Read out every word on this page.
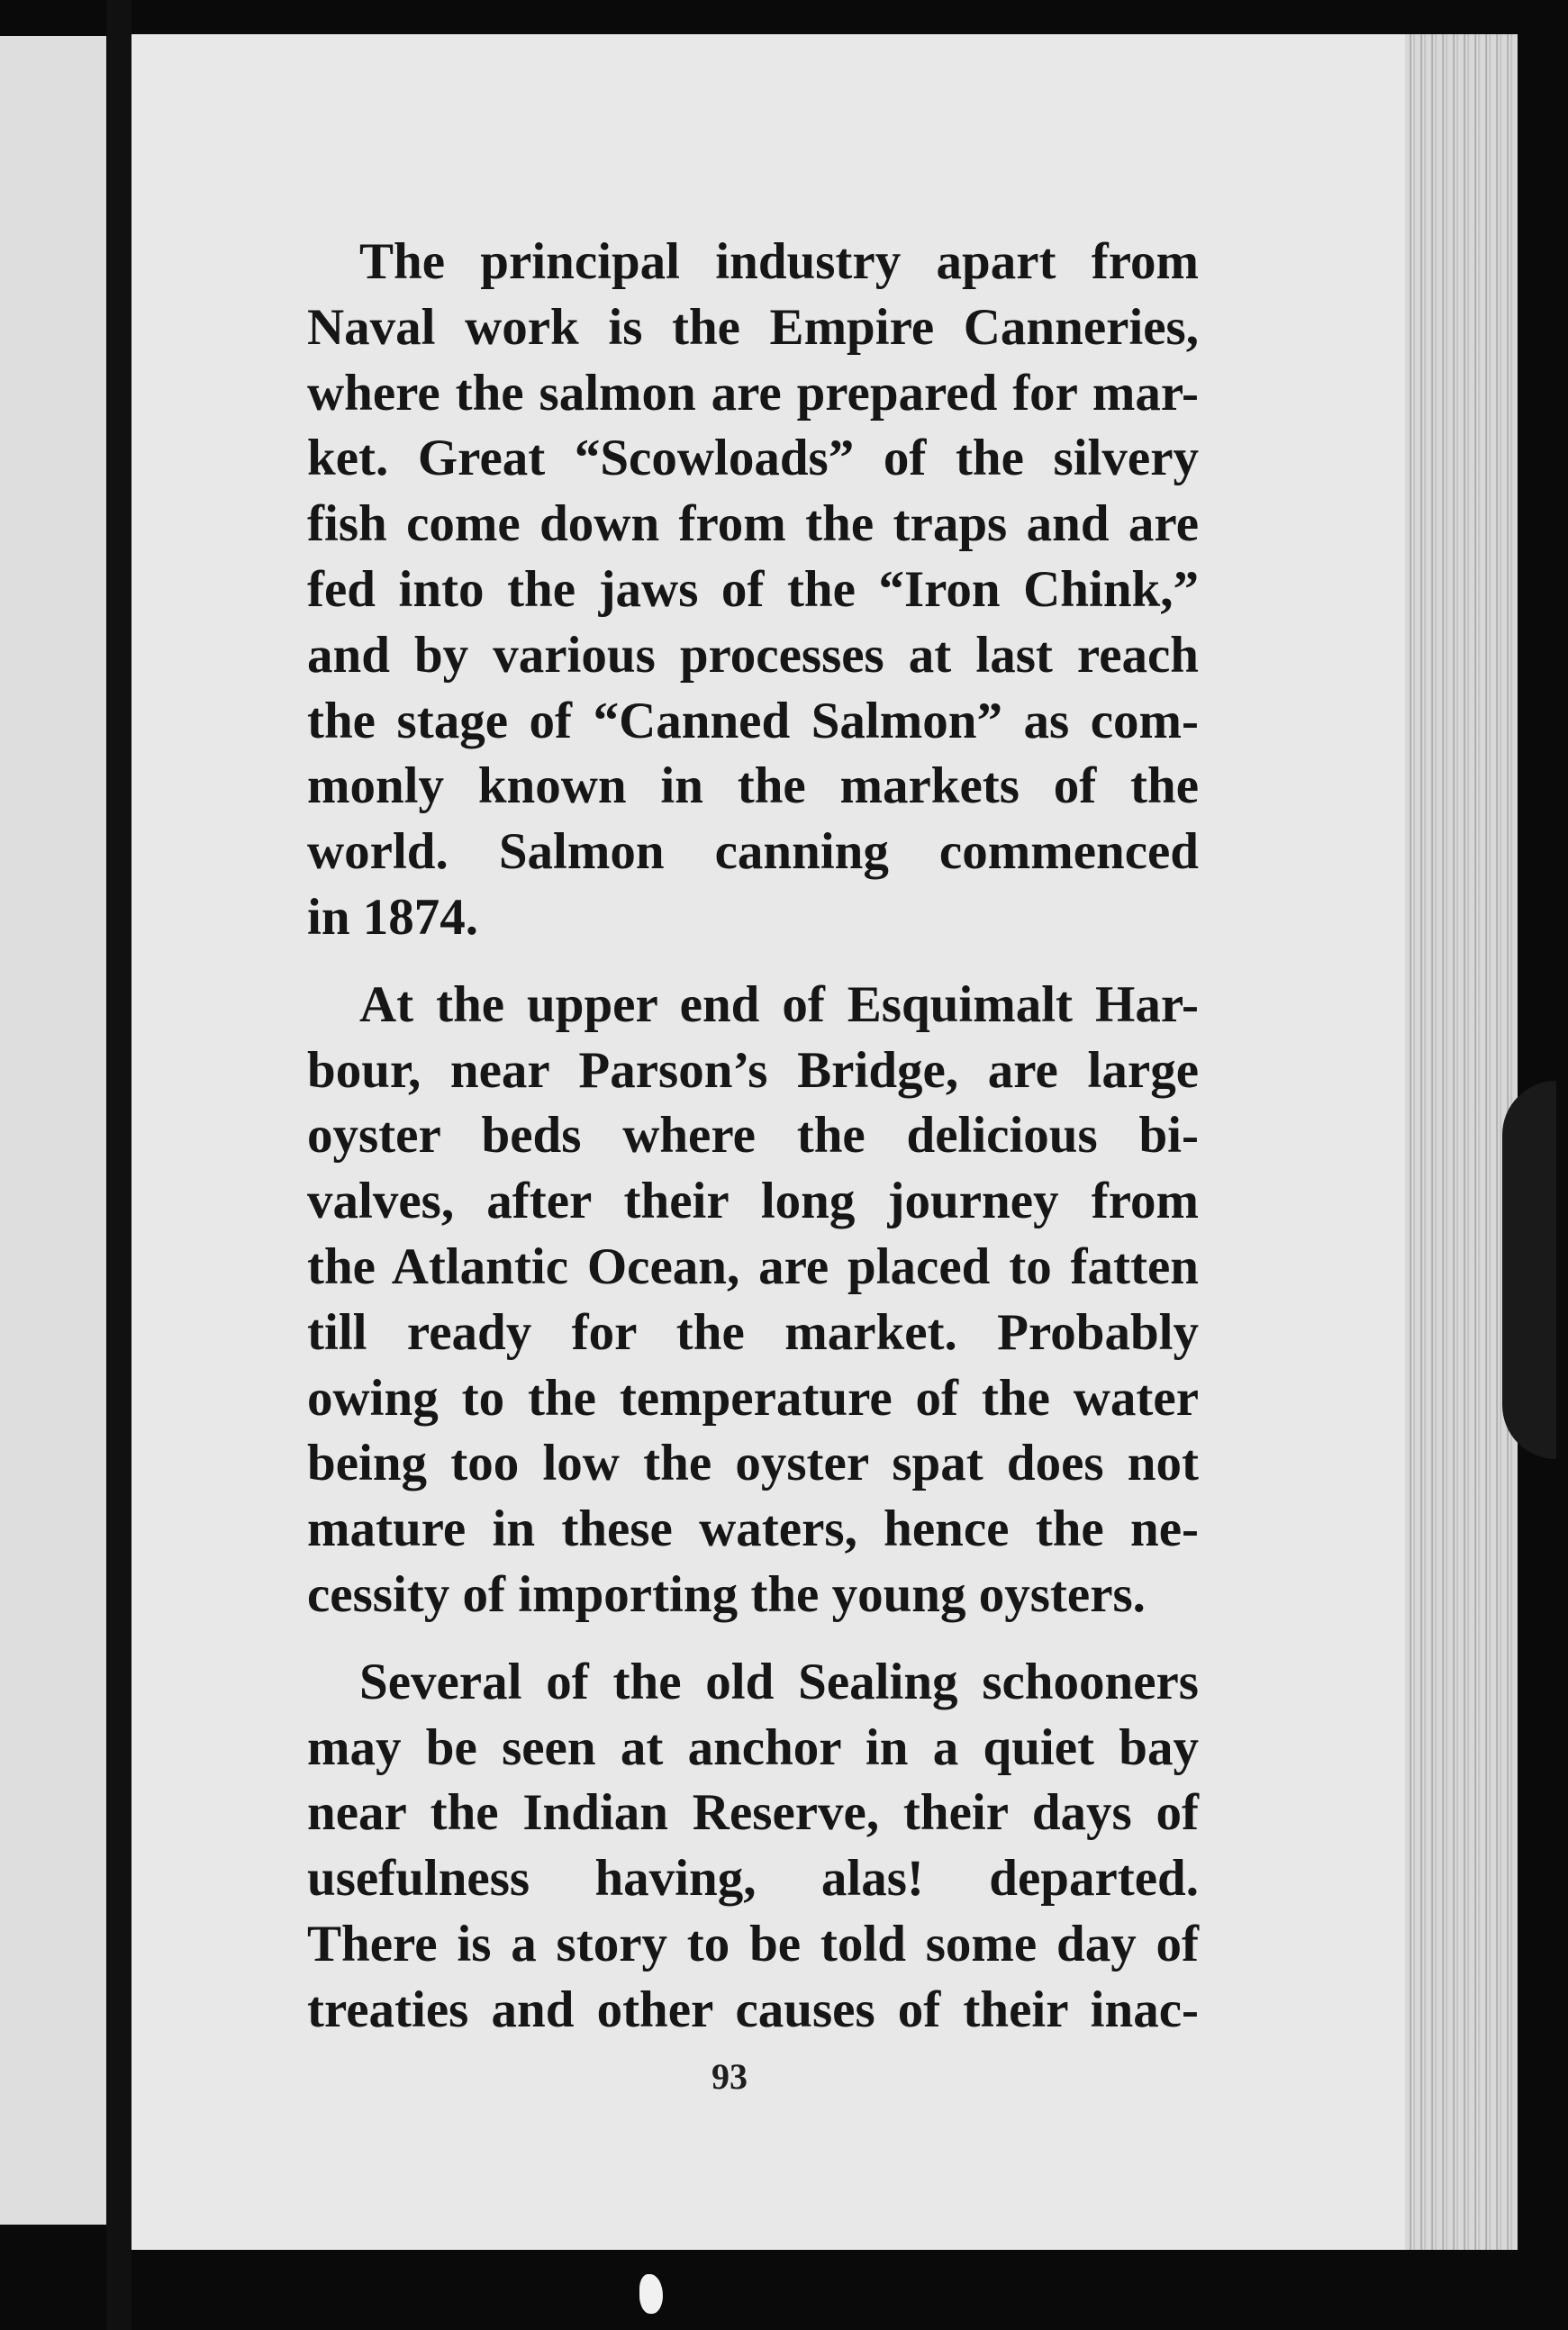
The principal industry apart from
Naval work is the Empire Canneries,
where the salmon are prepared for mar-
ket. Great “Scowloads” of the silvery
fish come down from the traps and are
fed into the jaws of the “Iron Chink,”
and by various processes at last reach
the stage of “Canned Salmon” as com-
monly known in the markets of the
world. Salmon canning commenced
in 1874.
At the upper end of Esquimalt Har-
bour, near Parson’s Bridge, are large
oyster beds where the delicious bi-
valves, after their long journey from
the Atlantic Ocean, are placed to fatten
till ready for the market. Probably
owing to the temperature of the water
being too low the oyster spat does not
mature in these waters, hence the ne-
cessity of importing the young oysters.
Several of the old Sealing schooners
may be seen at anchor in a quiet bay
near the Indian Reserve, their days of
usefulness having, alas! departed.
There is a story to be told some day of
treaties and other causes of their inac-
93
